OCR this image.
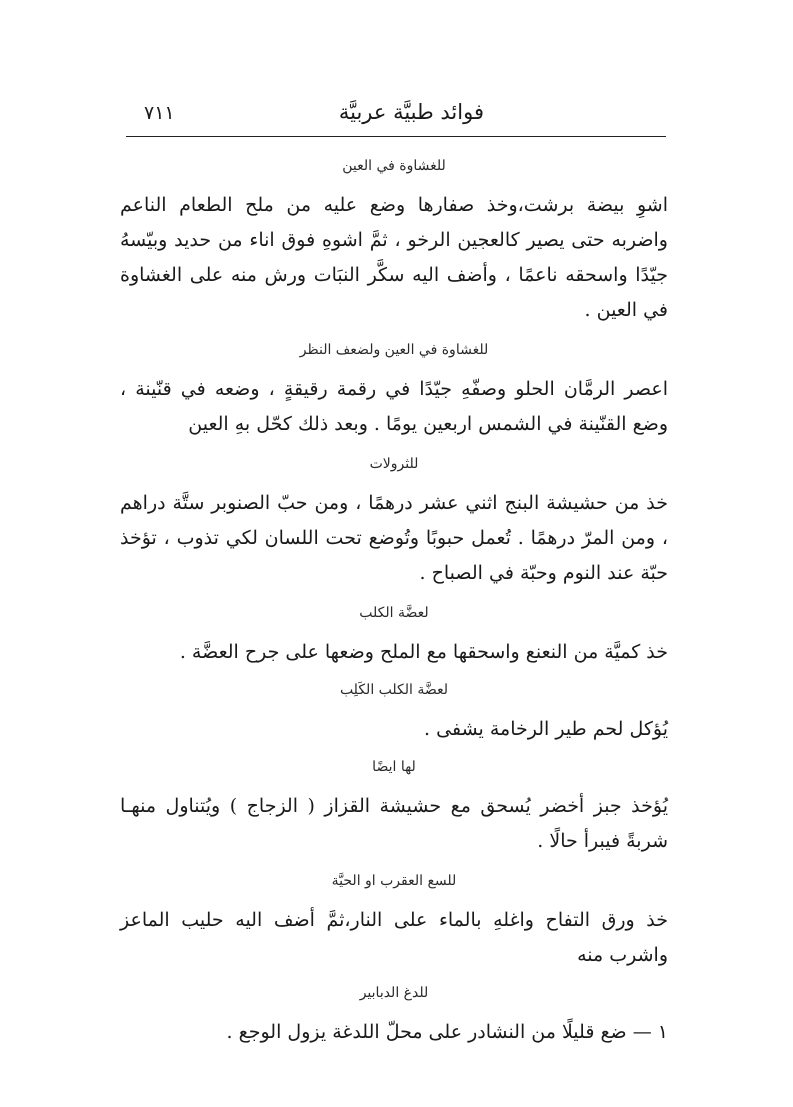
فوائد طبيَّة عربيَّة
٧١١
للغشاوة في العين

اشوِ بيضة برشت،وخذ صفارها وضع عليه من ملح الطعام الناعم واضربه حتى يصير كالعجين الرخو ، ثمَّ اشوهِ فوق اناء من حديد وبيّسهُ جيّدًا واسحقه ناعمًا ، وأضف اليه سكَّر النبَات ورش منه على الغشاوة في العين .

للغشاوة في العين ولضعف النظر

اعصر الرمَّان الحلو وصفّهِ جيّدًا في رقمة رقيقةٍ ، وضعه في قنّينة ، وضع القنّينة في الشمس اربعين يومًا . وبعد ذلك كحّل بهِ العين

للثرولات

خذ من حشيشة البنج اثني عشر درهمًا ، ومن حبّ الصنوبر ستَّة دراهم ، ومن المرّ درهمًا . تُعمل حبوبًا وتُوضع تحت اللسان لكي تذوب ، تؤخذ حبّة عند النوم وحبّة في الصباح .

لعضَّة الكلب

خذ كميَّة من النعنع واسحقها مع الملح وضعها على جرح العضَّة .

لعضَّة الكلب الكَلِب

يُؤكل لحم طير الرخامة يشفى .

لها ايضًا

يُؤخذ جبز أخضر يُسحق مع حشيشة القزاز ( الزجاج ) ويُتناول منهـا شربةً فيبرأ حالًا .

للسع العقرب او الحيَّة

خذ ورق التفاح واغلهِ بالماء على النار،ثمَّ أضف اليه حليب الماعز واشرب منه

للدغ الدبابير

١ — ضع قليلًا من النشادر على محلّ اللدغة يزول الوجع .
